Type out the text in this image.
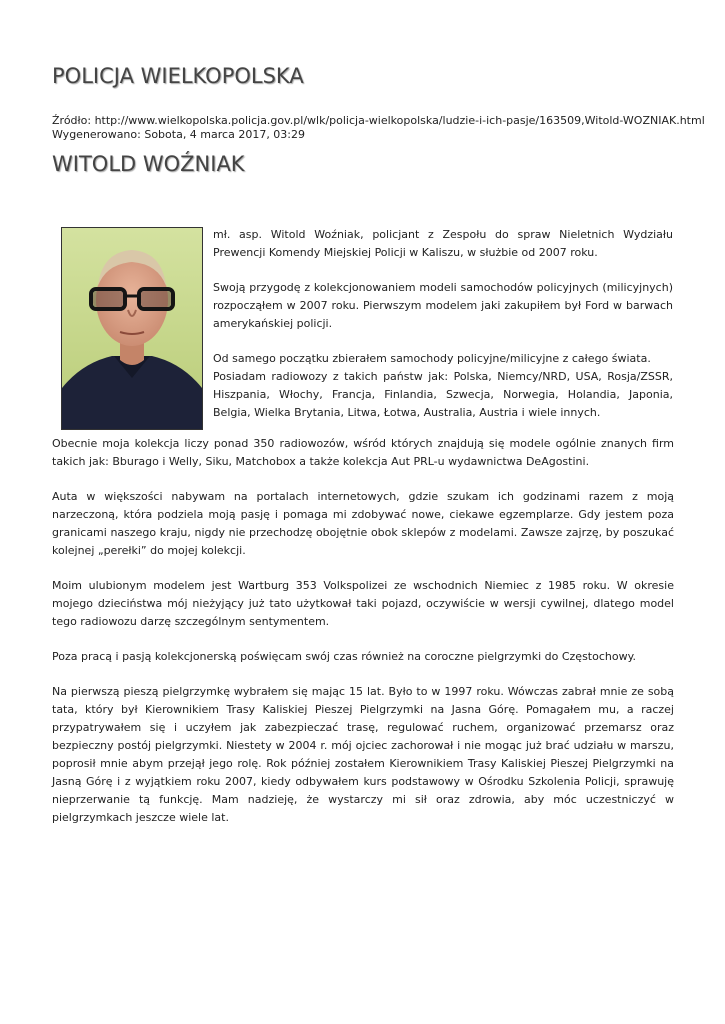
POLICJA WIELKOPOLSKA
Źródło: http://www.wielkopolska.policja.gov.pl/wlk/policja-wielkopolska/ludzie-i-ich-pasje/163509,Witold-WOZNIAK.html
Wygenerowano: Sobota, 4 marca 2017, 03:29
WITOLD WOŹNIAK

mł. asp. Witold Woźniak, policjant z Zespołu do spraw Nieletnich Wydziału Prewencji Komendy Miejskiej Policji w Kaliszu, w służbie od 2007 roku.

Swoją przygodę z kolekcjonowaniem modeli samochodów policyjnych (milicyjnych) rozpocząłem w 2007 roku. Pierwszym modelem jaki zakupiłem był Ford w barwach amerykańskiej policji.

Od samego początku zbierałem samochody policyjne/milicyjne z całego świata.
Posiadam radiowozy z takich państw jak: Polska, Niemcy/NRD, USA, Rosja/ZSSR, Hiszpania, Włochy, Francja, Finlandia, Szwecja, Norwegia, Holandia, Japonia, Belgia, Wielka Brytania, Litwa, Łotwa, Australia, Austria i wiele innych.

Obecnie moja kolekcja liczy ponad 350 radiowozów, wśród których znajdują się modele ogólnie znanych firm takich jak: Bburago i Welly, Siku, Matchobox a także kolekcja Aut PRL-u wydawnictwa DeAgostini.

Auta w większości nabywam na portalach internetowych, gdzie szukam ich godzinami razem z moją narzeczoną, która podziela moją pasję i pomaga mi zdobywać nowe, ciekawe egzemplarze. Gdy jestem poza granicami naszego kraju, nigdy nie przechodzę obojętnie obok sklepów z modelami. Zawsze zajrzę, by poszukać kolejnej „perełki” do mojej kolekcji.

Moim ulubionym modelem jest Wartburg 353 Volkspolizei ze wschodnich Niemiec z 1985 roku. W okresie mojego dzieciństwa mój nieżyjący już tato użytkował taki pojazd, oczywiście w wersji cywilnej, dlatego model tego radiowozu darzę szczególnym sentymentem.

Poza pracą i pasją kolekcjonerską poświęcam swój czas również na coroczne pielgrzymki do Częstochowy.

Na pierwszą pieszą pielgrzymkę wybrałem się mając 15 lat. Było to w 1997 roku. Wówczas zabrał mnie ze sobą tata, który był Kierownikiem Trasy Kaliskiej Pieszej Pielgrzymki na Jasna Górę. Pomagałem mu, a raczej przypatrywałem się i uczyłem jak zabezpieczać trasę, regulować ruchem, organizować przemarsz oraz bezpieczny postój pielgrzymki. Niestety w 2004 r. mój ojciec zachorował i nie mogąc już brać udziału w marszu, poprosił mnie abym przejął jego rolę. Rok później zostałem Kierownikiem Trasy Kaliskiej Pieszej Pielgrzymki na Jasną Górę i z wyjątkiem roku 2007, kiedy odbywałem kurs podstawowy w Ośrodku Szkolenia Policji, sprawuję nieprzerwanie tą funkcję. Mam nadzieję, że wystarczy mi sił oraz zdrowia, aby móc uczestniczyć w pielgrzymkach jeszcze wiele lat.
